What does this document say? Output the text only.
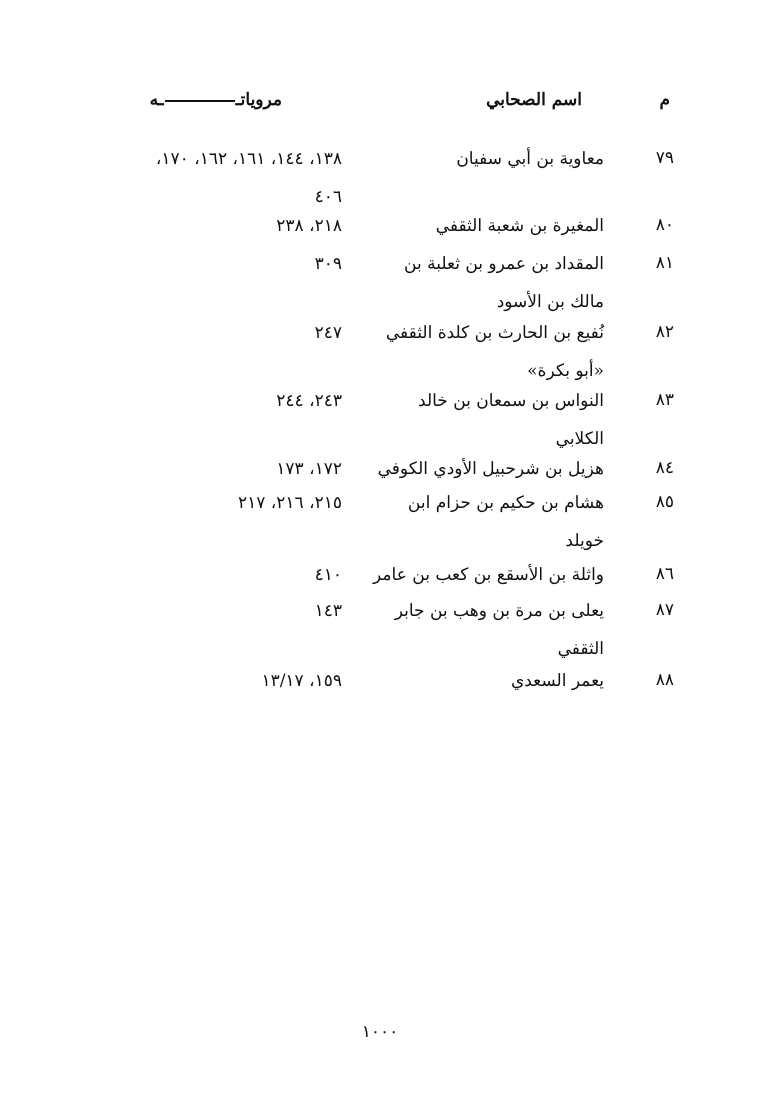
م
اسم الصحابي
مروياتــه
٧٩
معاوية بن أبي سفيان
١٣٨، ١٤٤، ١٦١، ١٦٢، ١٧٠،
٤٠٦
٨٠
المغيرة بن شعبة الثقفي
٢١٨، ٢٣٨
٨١
المقداد بن عمرو بن ثعلبة بن
مالك بن الأسود
٣٠٩
٨٢
نُفيع بن الحارث بن كلدة الثقفي
«أبو بكرة»
٢٤٧
٨٣
النواس بن سمعان بن خالد
الكلابي
٢٤٣، ٢٤٤
٨٤
هزيل بن شرحبيل الأودي الكوفي
١٧٢، ١٧٣
٨٥
هشام بن حكيم بن حزام ابن
خويلد
٢١٥، ٢١٦، ٢١٧
٨٦
واثلة بن الأسقع بن كعب بن عامر
٤١٠
٨٧
يعلى بن مرة بن وهب بن جابر
الثقفي
١٤٣
٨٨
يعمر السعدي
١٥٩، ١٣/١٧
١٠٠٠
